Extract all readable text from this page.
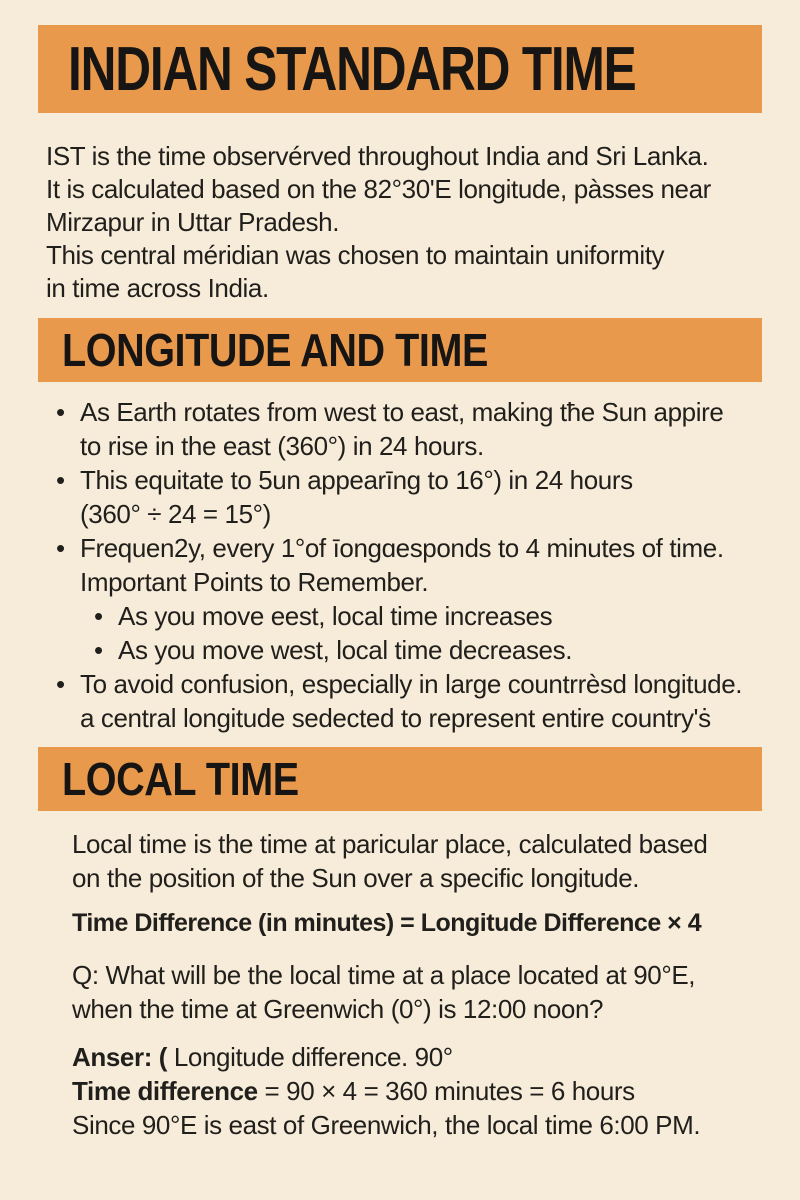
INDIAN STANDARD TIME
IST is the time observérved throughout India and Sri Lanka.
It is calculated based on the 82°30'E longitude, pàsses near
Mirzapur in Uttar Pradesh.
This central méridian was chosen to maintain uniformity
in time across India.
LONGITUDE AND TIME
• As Earth rotates from west to east, making tħe Sun appire
to rise in the east (360°) in 24 hours.
• This equitate to 5un appearīng to 16°) in 24 hours
(360° ÷ 24 = 15°)
• Frequen2y, every 1°of īongɑesponds to 4 minutes of time.
Important Points to Remember.
• As you move eest, local time increases
• As you move west, local time decreases.
• To avoid confusion, especially in large countrrèsd longitude.
a central longitude sedected to represent entire country'ṡ
LOCAL TIME
Local time is the time at paricular place, calculated based
on the position of the Sun over a specific longitude.
Time Difference (in minutes) = Longitude Difference × 4
Q: What will be the local time at a place located at 90°E,
when the time at Greenwich (0°) is 12:00 noon?
Anser: ( Longitude difference. 90°
Time difference = 90 × 4 = 360 minutes = 6 hours
Since 90°E is east of Greenwich, the local time 6:00 PM.
